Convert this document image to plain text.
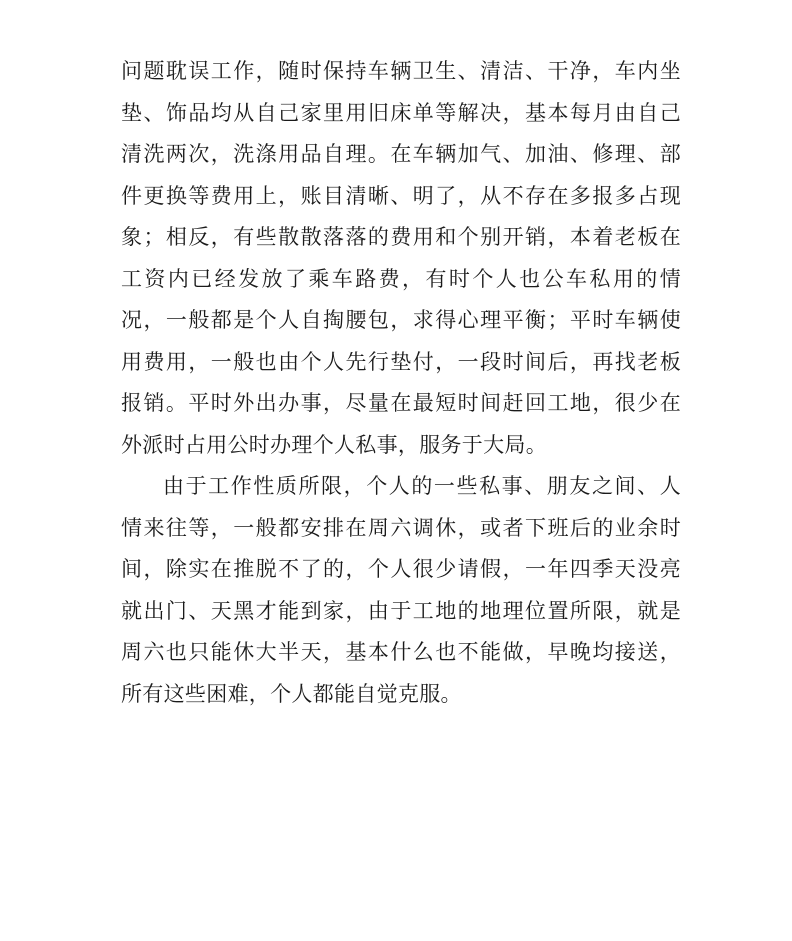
问题耽误工作，随时保持车辆卫生、清洁、干净，车内坐
垫、饰品均从自己家里用旧床单等解决，基本每月由自己
清洗两次，洗涤用品自理。在车辆加气、加油、修理、部
件更换等费用上，账目清晰、明了，从不存在多报多占现
象；相反，有些散散落落的费用和个别开销，本着老板在
工资内已经发放了乘车路费，有时个人也公车私用的情
况，一般都是个人自掏腰包，求得心理平衡；平时车辆使
用费用，一般也由个人先行垫付，一段时间后，再找老板
报销。平时外出办事，尽量在最短时间赶回工地，很少在
外派时占用公时办理个人私事，服务于大局。
由于工作性质所限，个人的一些私事、朋友之间、人
情来往等，一般都安排在周六调休，或者下班后的业余时
间，除实在推脱不了的，个人很少请假，一年四季天没亮
就出门、天黑才能到家，由于工地的地理位置所限，就是
周六也只能休大半天，基本什么也不能做，早晚均接送，
所有这些困难，个人都能自觉克服。
